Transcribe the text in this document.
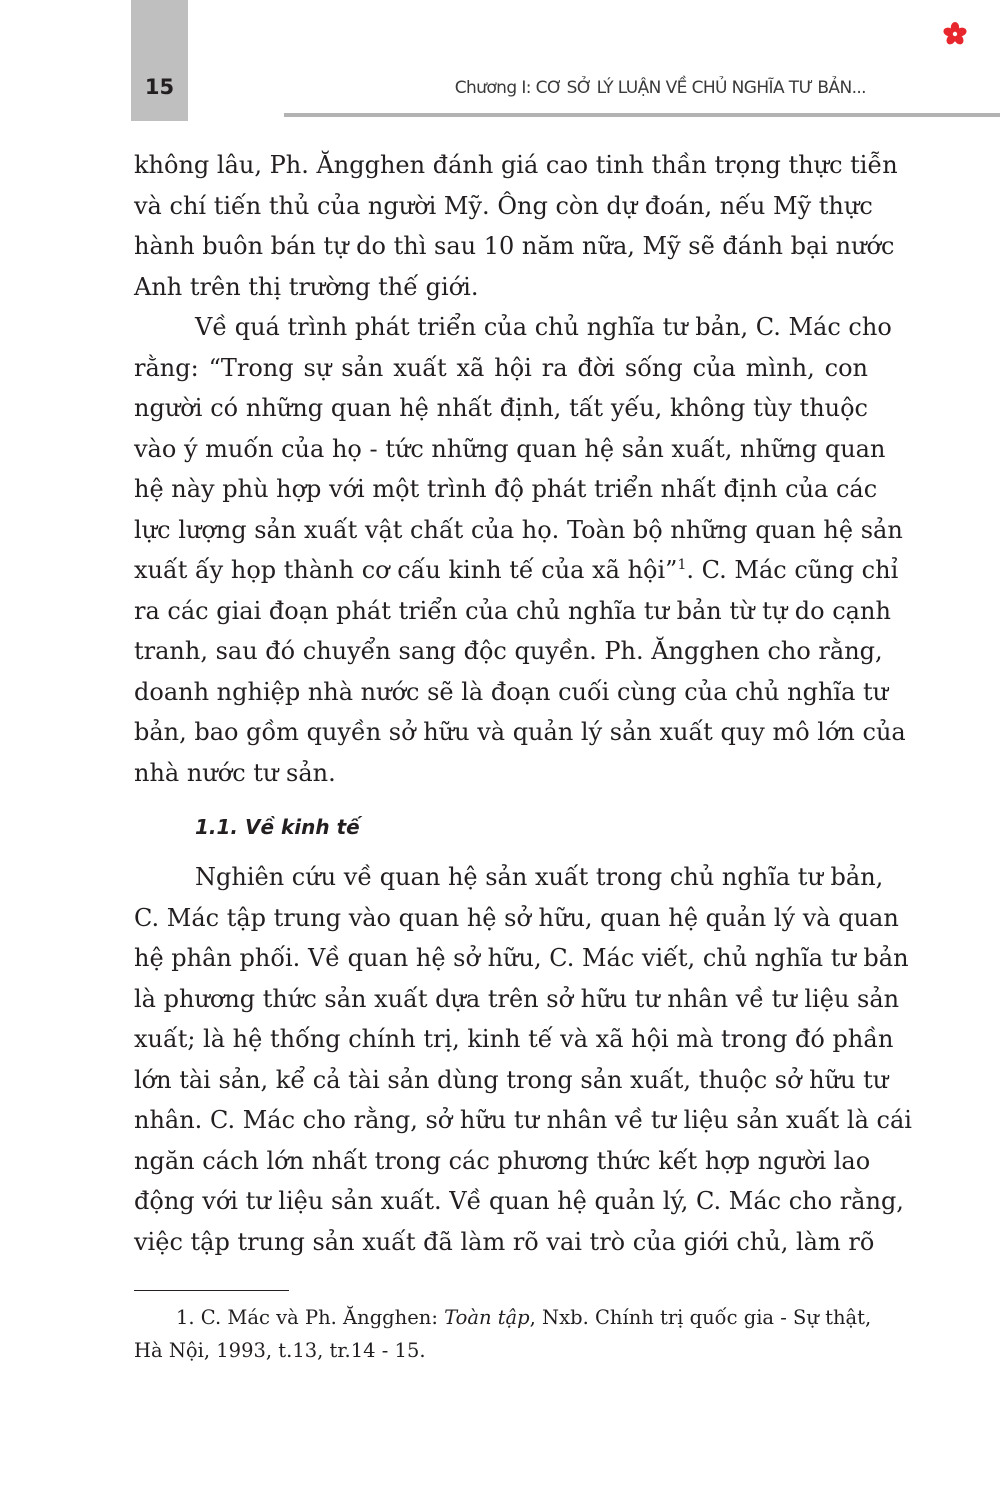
15	Chương I: CƠ SỞ LÝ LUẬN VỀ CHỦ NGHĨA TƯ BẢN...
không lâu, Ph. Ăngghen đánh giá cao tinh thần trọng thực tiễn
và chí tiến thủ của người Mỹ. Ông còn dự đoán, nếu Mỹ thực
hành buôn bán tự do thì sau 10 năm nữa, Mỹ sẽ đánh bại nước
Anh trên thị trường thế giới.
Về quá trình phát triển của chủ nghĩa tư bản, C. Mác cho
rằng: “Trong sự sản xuất xã hội ra đời sống của mình, con
người có những quan hệ nhất định, tất yếu, không tùy thuộc
vào ý muốn của họ - tức những quan hệ sản xuất, những quan
hệ này phù hợp với một trình độ phát triển nhất định của các
lực lượng sản xuất vật chất của họ. Toàn bộ những quan hệ sản
xuất ấy họp thành cơ cấu kinh tế của xã hội”$^1$. C. Mác cũng chỉ
ra các giai đoạn phát triển của chủ nghĩa tư bản từ tự do cạnh
tranh, sau đó chuyển sang độc quyền. Ph. Ăngghen cho rằng,
doanh nghiệp nhà nước sẽ là đoạn cuối cùng của chủ nghĩa tư
bản, bao gồm quyền sở hữu và quản lý sản xuất quy mô lớn của
nhà nước tư sản.
1.1. Về kinh tế
Nghiên cứu về quan hệ sản xuất trong chủ nghĩa tư bản,
C. Mác tập trung vào quan hệ sở hữu, quan hệ quản lý và quan
hệ phân phối. Về quan hệ sở hữu, C. Mác viết, chủ nghĩa tư bản
là phương thức sản xuất dựa trên sở hữu tư nhân về tư liệu sản
xuất; là hệ thống chính trị, kinh tế và xã hội mà trong đó phần
lớn tài sản, kể cả tài sản dùng trong sản xuất, thuộc sở hữu tư
nhân. C. Mác cho rằng, sở hữu tư nhân về tư liệu sản xuất là cái
ngăn cách lớn nhất trong các phương thức kết hợp người lao
động với tư liệu sản xuất. Về quan hệ quản lý, C. Mác cho rằng,
việc tập trung sản xuất đã làm rõ vai trò của giới chủ, làm rõ
1. C. Mác và Ph. Ăngghen: Toàn tập, Nxb. Chính trị quốc gia - Sự thật,
Hà Nội, 1993, t.13, tr.14 - 15.
